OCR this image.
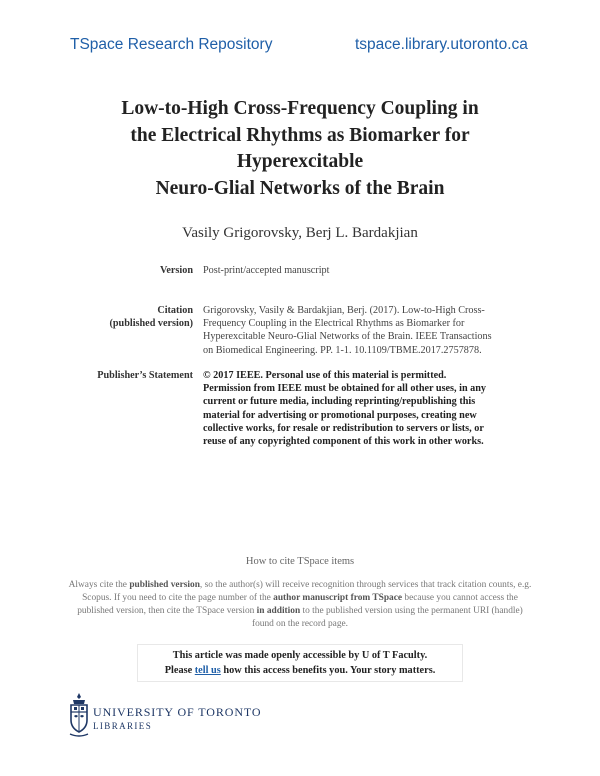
TSpace Research Repository	tspace.library.utoronto.ca
Low-to-High Cross-Frequency Coupling in
the Electrical Rhythms as Biomarker for
Hyperexcitable
Neuro-Glial Networks of the Brain
Vasily Grigorovsky, Berj L. Bardakjian
Version Post-print/accepted manuscript
Citation
(published version)
Grigorovsky, Vasily & Bardakjian, Berj. (2017). Low-to-High Cross-
Frequency Coupling in the Electrical Rhythms as Biomarker for
Hyperexcitable Neuro-Glial Networks of the Brain. IEEE Transactions
on Biomedical Engineering. PP. 1-1. 10.1109/TBME.2017.2757878.
Publisher’s Statement © 2017 IEEE. Personal use of this material is permitted.
Permission from IEEE must be obtained for all other uses, in any
current or future media, including reprinting/republishing this
material for advertising or promotional purposes, creating new
collective works, for resale or redistribution to servers or lists, or
reuse of any copyrighted component of this work in other works.
How to cite TSpace items
Always cite the published version, so the author(s) will receive recognition through services that track citation counts, e.g. Scopus. If you need to cite the page number of the author manuscript from TSpace because you cannot access the published version, then cite the TSpace version in addition to the published version using the permanent URI (handle) found on the record page.
This article was made openly accessible by U of T Faculty.
Please tell us how this access benefits you. Your story matters.
UNIVERSITY OF TORONTO
LIBRARIES
